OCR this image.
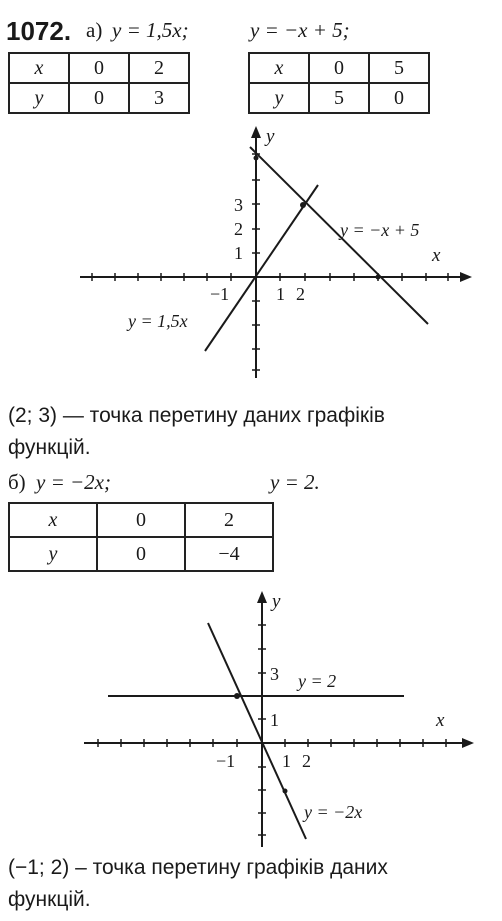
1072. а) y = 1,5x;	y = −x + 5;
x	0	2
y	0	3
x	0	5
y	5	0
y
x
3
2
1
−1	1 2
y = −x + 5
y = 1,5x
(2; 3) — точка перетину даних графіків
функцій.
б) y = −2x;	y = 2.
x	0	2
y	0	−4
y
x
3
1
−1	1 2
y = 2
y = −2x
(−1; 2) – точка перетину графіків даних
функцій.
